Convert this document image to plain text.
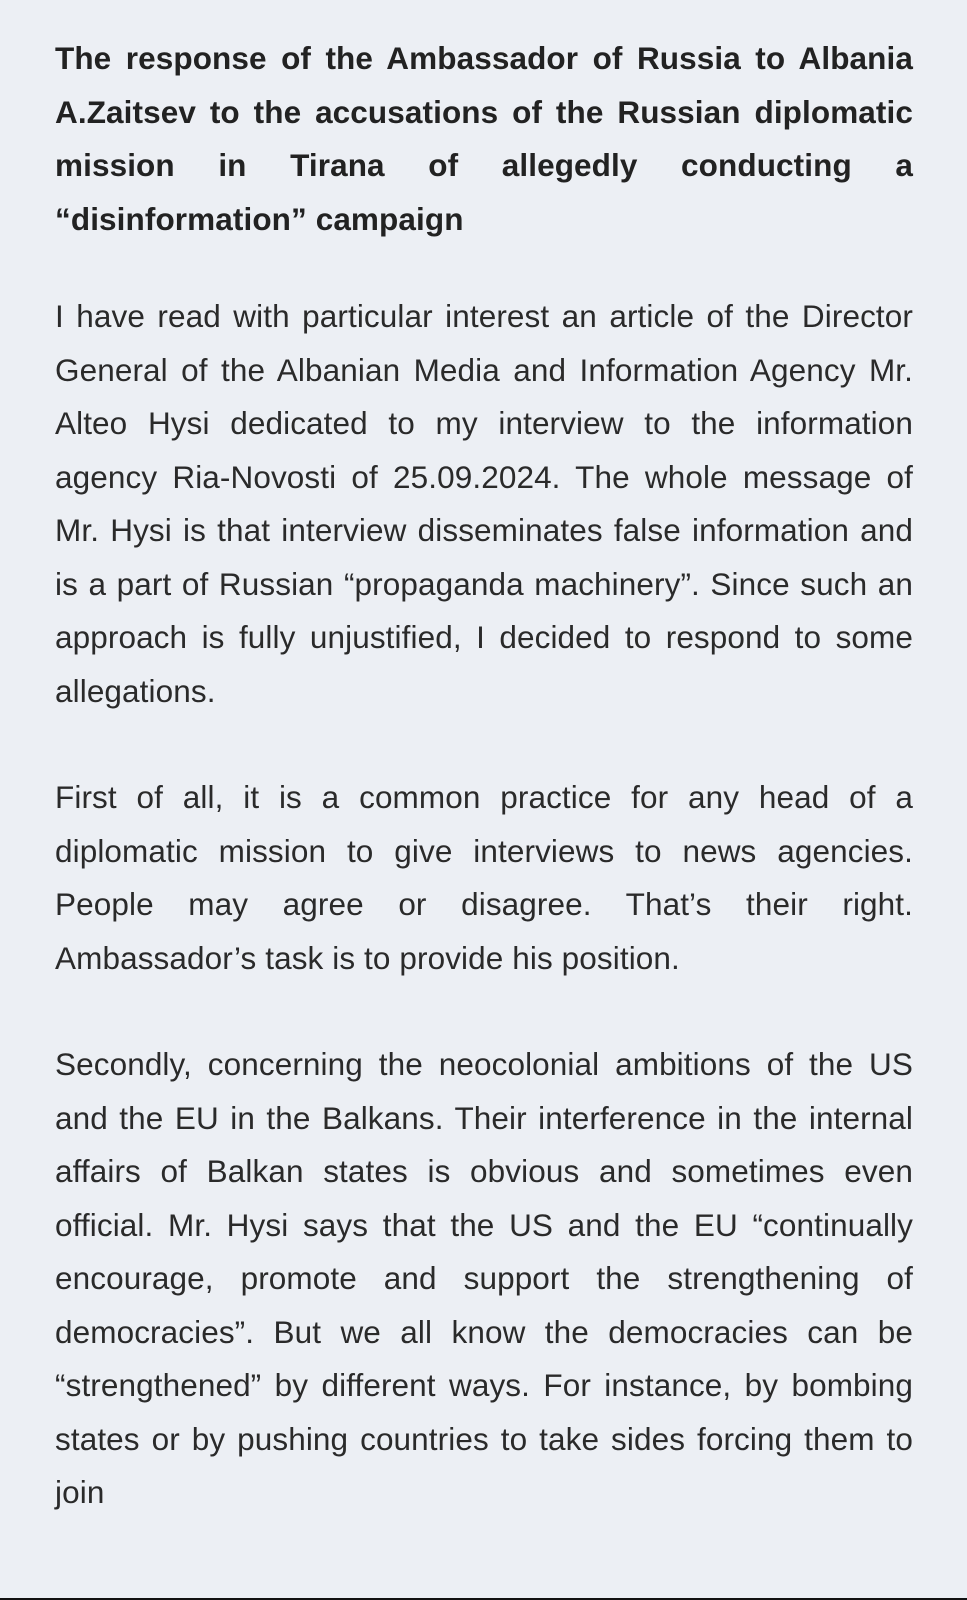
The response of the Ambassador of Russia to Albania A.Zaitsev to the accusations of the Russian diplomatic mission in Tirana of allegedly conducting a “disinformation” campaign

I have read with particular interest an article of the Director General of the Albanian Media and Information Agency Mr. Alteo Hysi dedicated to my interview to the information agency Ria-Novosti of 25.09.2024. The whole message of Mr. Hysi is that interview disseminates false information and is a part of Russian “propaganda machinery”. Since such an approach is fully unjustified, I decided to respond to some allegations.

First of all, it is a common practice for any head of a diplomatic mission to give interviews to news agencies. People may agree or disagree. That’s their right. Ambassador’s task is to provide his position.

Secondly, concerning the neocolonial ambitions of the US and the EU in the Balkans. Their interference in the internal affairs of Balkan states is obvious and sometimes even official. Mr. Hysi says that the US and the EU “continually encourage, promote and support the strengthening of democracies”. But we all know the democracies can be “strengthened” by different ways. For instance, by bombing states or by pushing countries to take sides forcing them to join
